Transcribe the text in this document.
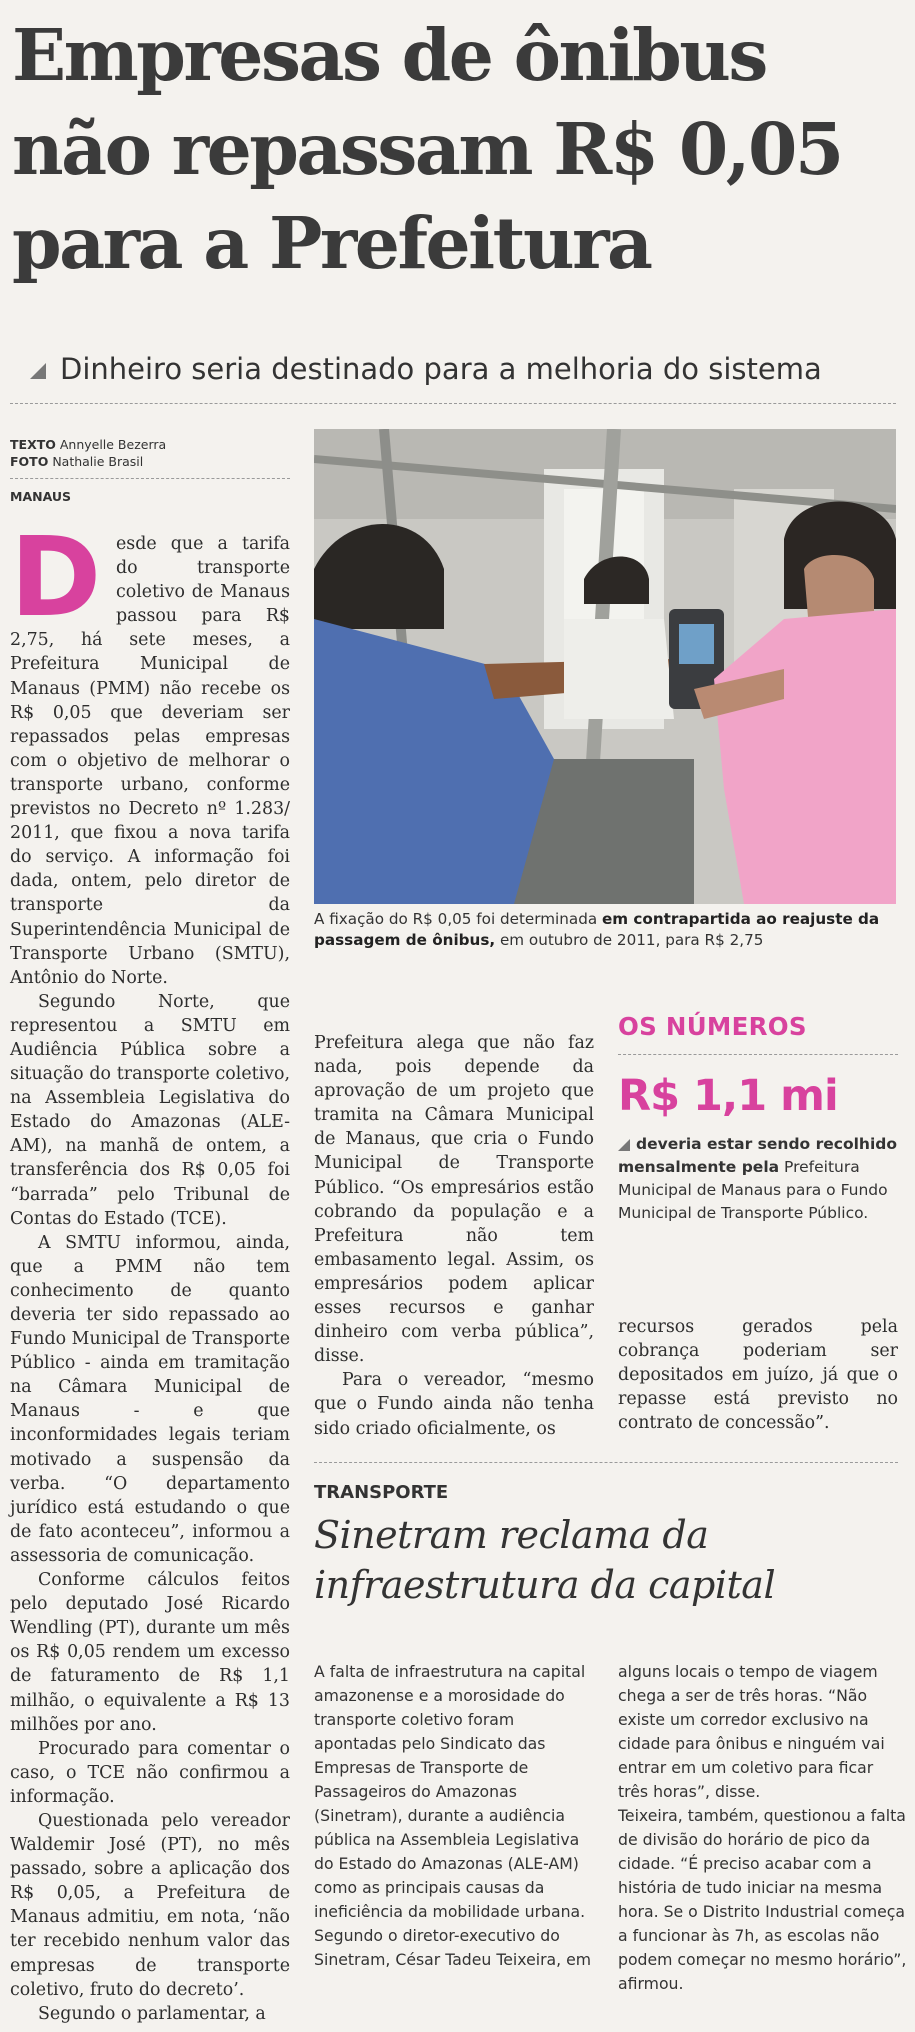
Empresas de ônibus
não repassam R$ 0,05
para a Prefeitura
Dinheiro seria destinado para a melhoria do sistema
TEXTO Annyelle Bezerra
FOTO Nathalie Brasil
MANAUS

Desde que a tarifa do transporte coletivo de Manaus passou para R$ 2,75, há sete meses, a Prefeitura Municipal de Manaus (PMM) não recebe os R$ 0,05 que deveriam ser repassados pelas empresas com o objetivo de melhorar o transporte urbano, conforme previstos no Decreto nº 1.283/ 2011, que fixou a nova tarifa do serviço. A informação foi dada, ontem, pelo diretor de transporte da Superintendência Municipal de Transporte Urbano (SMTU), Antônio do Norte.

Segundo Norte, que representou a SMTU em Audiência Pública sobre a situação do transporte coletivo, na Assembleia Legislativa do Estado do Amazonas (ALE-AM), na manhã de ontem, a transferência dos R$ 0,05 foi “barrada” pelo Tribunal de Contas do Estado (TCE).

A SMTU informou, ainda, que a PMM não tem conhecimento de quanto deveria ter sido repassado ao Fundo Municipal de Transporte Público - ainda em tramitação na Câmara Municipal de Manaus - e que inconformidades legais teriam motivado a suspensão da verba. “O departamento jurídico está estudando o que de fato aconteceu”, informou a assessoria de comunicação.

Conforme cálculos feitos pelo deputado José Ricardo Wendling (PT), durante um mês os R$ 0,05 rendem um excesso de faturamento de R$ 1,1 milhão, o equivalente a R$ 13 milhões por ano.

Procurado para comentar o caso, o TCE não confirmou a informação.

Questionada pelo vereador Waldemir José (PT), no mês passado, sobre a aplicação dos R$ 0,05, a Prefeitura de Manaus admitiu, em nota, ‘não ter recebido nenhum valor das empresas de transporte coletivo, fruto do decreto’.

Segundo o parlamentar, a

A fixação do R$ 0,05 foi determinada em contrapartida ao reajuste da passagem de ônibus, em outubro de 2011, para R$ 2,75

Prefeitura alega que não faz nada, pois depende da aprovação de um projeto que tramita na Câmara Municipal de Manaus, que cria o Fundo Municipal de Transporte Público. “Os empresários estão cobrando da população e a Prefeitura não tem embasamento legal. Assim, os empresários podem aplicar esses recursos e ganhar dinheiro com verba pública”, disse.

Para o vereador, “mesmo que o Fundo ainda não tenha sido criado oficialmente, os

OS NÚMEROS
R$ 1,1 mi
deveria estar sendo recolhido mensalmente pela Prefeitura Municipal de Manaus para o Fundo Municipal de Transporte Público.

recursos gerados pela cobrança poderiam ser depositados em juízo, já que o repasse está previsto no contrato de concessão”.

TRANSPORTE
Sinetram reclama da
infraestrutura da capital

A falta de infraestrutura na capital amazonense e a morosidade do transporte coletivo foram apontadas pelo Sindicato das Empresas de Transporte de Passageiros do Amazonas (Sinetram), durante a audiência pública na Assembleia Legislativa do Estado do Amazonas (ALE-AM) como as principais causas da ineficiência da mobilidade urbana.

Segundo o diretor-executivo do Sinetram, César Tadeu Teixeira, em

alguns locais o tempo de viagem chega a ser de três horas. “Não existe um corredor exclusivo na cidade para ônibus e ninguém vai entrar em um coletivo para ficar três horas”, disse.

Teixeira, também, questionou a falta de divisão do horário de pico da cidade. “É preciso acabar com a história de tudo iniciar na mesma hora. Se o Distrito Industrial começa a funcionar às 7h, as escolas não podem começar no mesmo horário”, afirmou.
